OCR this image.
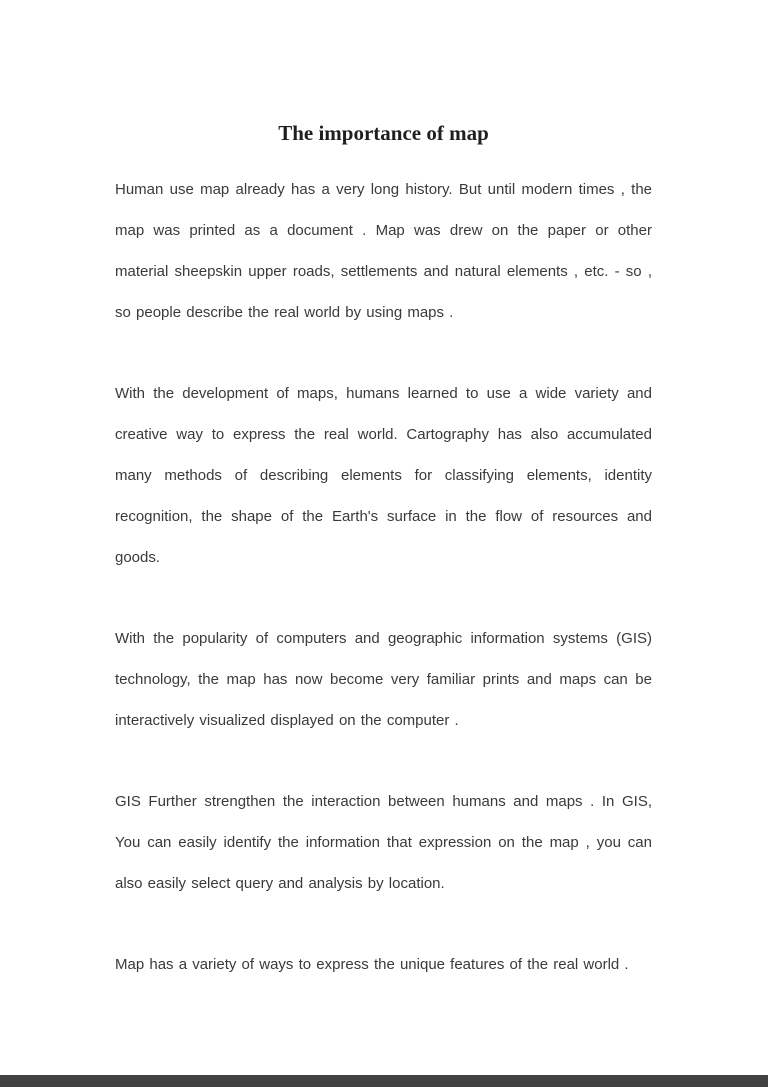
The importance of map

Human use map already has a very long history. But until modern times , the map was printed as a document . Map was drew on the paper or other material sheepskin upper roads, settlements and natural elements , etc. - so , so people describe the real world by using maps .

With the development of maps, humans learned to use a wide variety and creative way to express the real world. Cartography has also accumulated many methods of describing elements for classifying elements, identity recognition, the shape of the Earth's surface in the flow of resources and goods.

With the popularity of computers and geographic information systems (GIS) technology, the map has now become very familiar prints and maps can be interactively visualized displayed on the computer .

GIS Further strengthen the interaction between humans and maps . In GIS, You can easily identify the information that expression on the map , you can also easily select query and analysis by location.

Map has a variety of ways to express the unique features of the real world .
